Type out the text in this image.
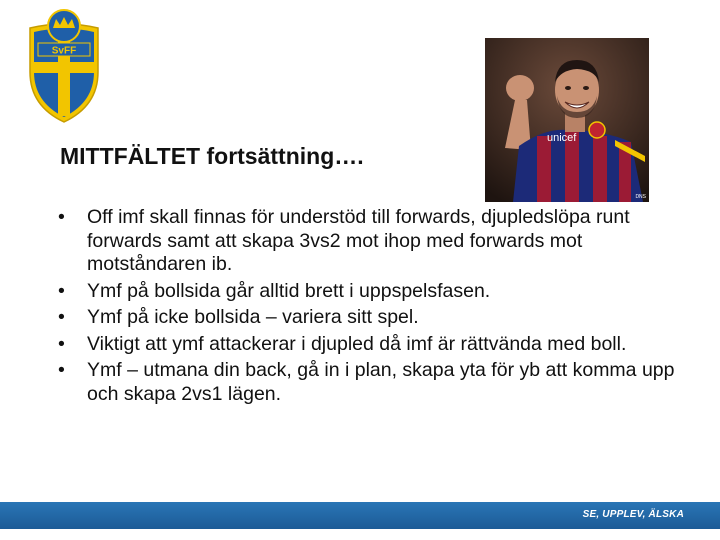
SvFF
unicef
DNS
MITTFÄLTET fortsättning….
• Off imf skall finnas för understöd till forwards, djupledslöpa runt forwards samt att skapa 3vs2 mot ihop med forwards mot motståndaren ib.
• Ymf på bollsida går alltid brett i uppspelsfasen.
• Ymf på icke bollsida – variera sitt spel.
• Viktigt att ymf attackerar i djupled då imf är rättvända med boll.
• Ymf – utmana din back, gå in i plan, skapa yta för yb att komma upp och skapa 2vs1 lägen.
SE, UPPLEV, ÄLSKA
